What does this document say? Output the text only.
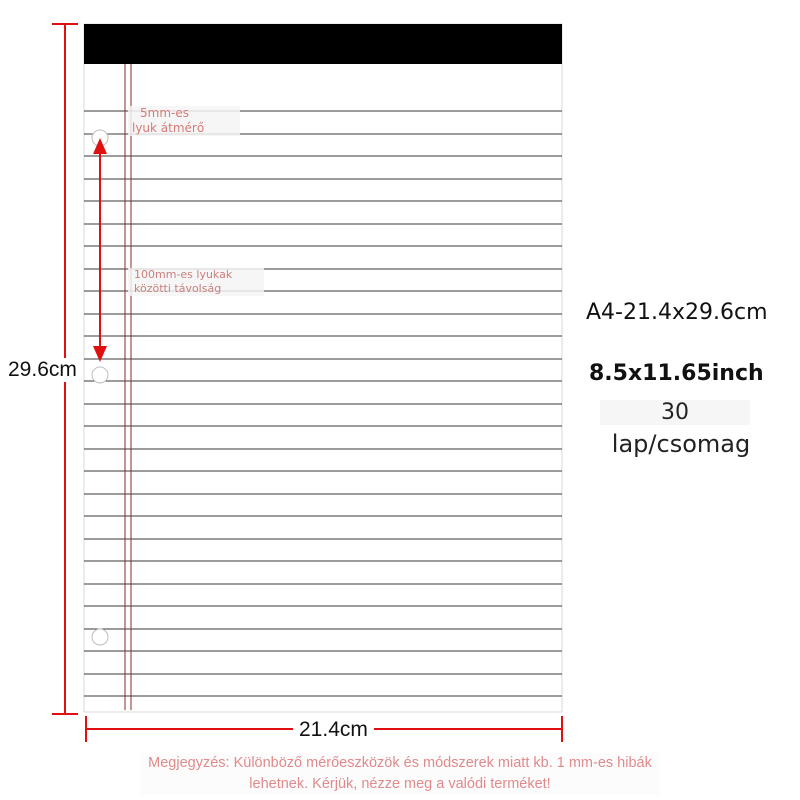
29.6cm
21.4cm
5mm-es
lyuk átmérő
100mm-es lyukak
közötti távolság
A4-21.4x29.6cm
8.5x11.65inch
30
lap/csomag
Megjegyzés: Különböző mérőeszközök és módszerek miatt kb. 1 mm-es hibák lehetnek. Kérjük, nézze meg a valódi terméket!
